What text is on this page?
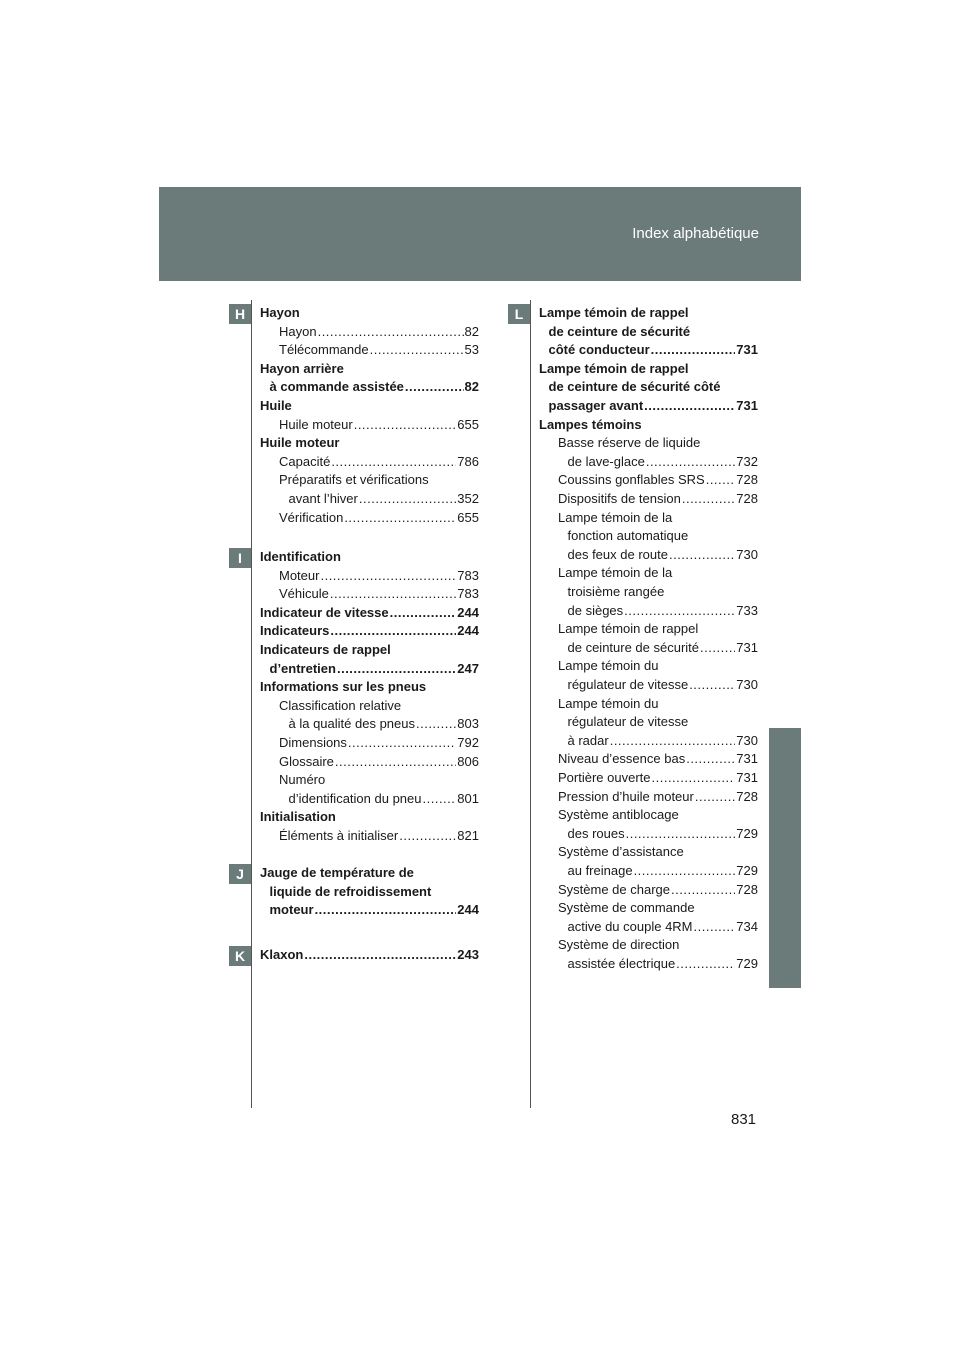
Index alphabétique
831
H	Hayon
Hayon .....	82
Télécommande .....	53
Hayon arrière
à commande assistée .....	82
Huile
Huile moteur .....	655
Huile moteur
Capacité .....	786
Préparatifs et vérifications
avant l’hiver .....	352
Vérification .....	655
I	Identification
Moteur .....	783
Véhicule .....	783
Indicateur de vitesse .....	244
Indicateurs .....	244
Indicateurs de rappel
d’entretien .....	247
Informations sur les pneus
Classification relative
à la qualité des pneus .....	803
Dimensions .....	792
Glossaire .....	806
Numéro
d’identification du pneu .....	801
Initialisation
Éléments à initialiser .....	821
J	Jauge de température de
liquide de refroidissement
moteur .....	244
K	Klaxon .....	243
L	Lampe témoin de rappel
de ceinture de sécurité
côté conducteur .....	731
Lampe témoin de rappel
de ceinture de sécurité côté
passager avant .....	731
Lampes témoins
Basse réserve de liquide
de lave-glace .....	732
Coussins gonflables SRS ..... 728
Dispositifs de tension .....	728
Lampe témoin de la
fonction automatique
des feux de route .....	730
Lampe témoin de la
troisième rangée
de sièges .....	733
Lampe témoin de rappel
de ceinture de sécurité .....	731
Lampe témoin du
régulateur de vitesse .....	730
Lampe témoin du
régulateur de vitesse
à radar .....	730
Niveau d’essence bas .....	731
Portière ouverte .....	731
Pression d’huile moteur .....	728
Système antiblocage
des roues .....	729
Système d’assistance
au freinage .....	729
Système de charge .....	728
Système de commande
active du couple 4RM .....	734
Système de direction
assistée électrique .....	729
